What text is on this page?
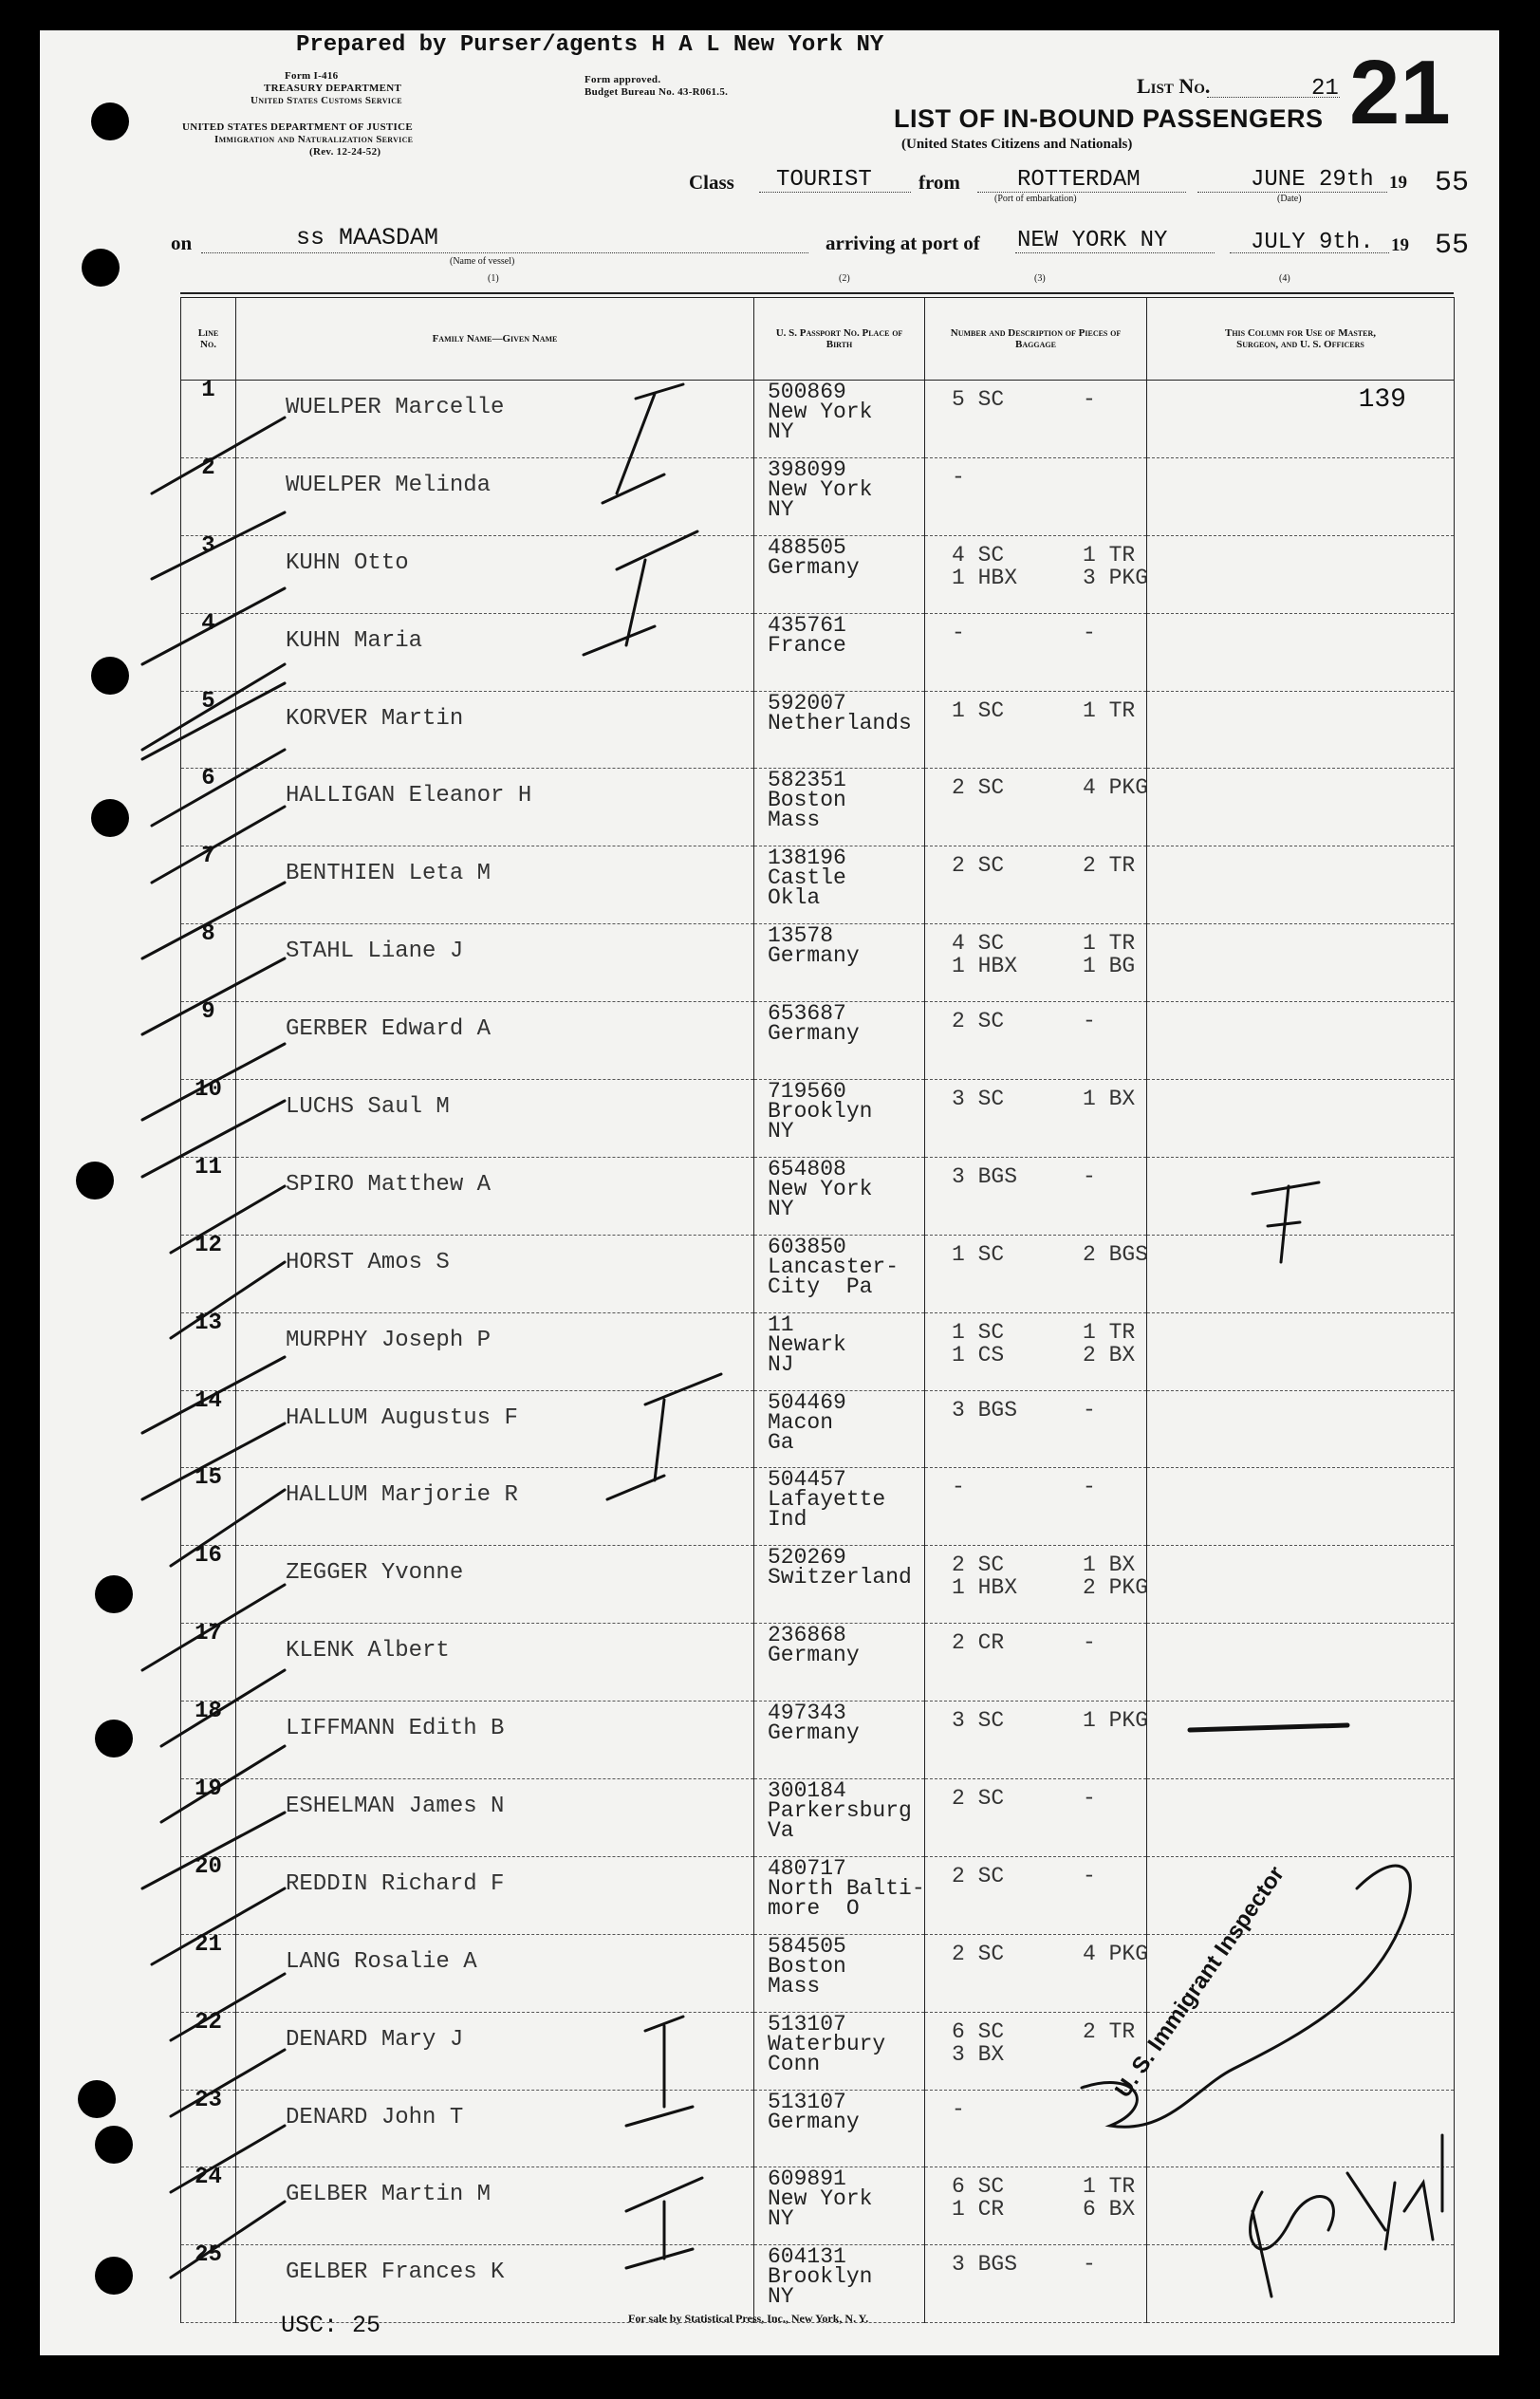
Prepared by Purser/agents H A L New York NY
Form I-416
TREASURY DEPARTMENT
United States Customs Service
UNITED STATES DEPARTMENT OF JUSTICE
Immigration and Naturalization Service
(Rev. 12-24-52)
Form approved.
Budget Bureau No. 43-R061.5.	List No.	21 21
LIST OF IN-BOUND PASSENGERS
(United States Citizens and Nationals)
Class TOURIST from	ROTTERDAM
(Port of embarkation)
JUNE 29th 19 55
(Date)
on	ss MAASDAM
(Name of vessel)
(1)
arriving at port of NEW YORK NY
(2)	(3)
JULY 9th. 19 55
(4)
Line No.	Family Name—Given Name	U. S. Passport No. Place of Birth	Number and Description of Pieces of Baggage	This Column for Use of Master, Surgeon, and U. S. Officers

1	WUELPER Marcelle	500869
New York
NY	5 SC      -	139

2	WUELPER Melinda	398099
New York
NY	-	

3	KUHN Otto	488505
Germany	4 SC      1 TR
1 HBX     3 PKG	

4	KUHN Maria	435761
France	-         -	

5	KORVER Martin	592007
Netherlands	1 SC      1 TR	

6	HALLIGAN Eleanor H	582351
Boston
Mass	2 SC      4 PKG	

7	BENTHIEN Leta M	138196
Castle
Okla	2 SC      2 TR	

8	STAHL Liane J	13578
Germany	4 SC      1 TR
1 HBX     1 BG	

9	GERBER Edward A	653687
Germany	2 SC      -	

10	LUCHS Saul M	719560
Brooklyn
NY	3 SC      1 BX	

11	SPIRO Matthew A	654808
New York
NY	3 BGS     -	

12	HORST Amos S	603850
Lancaster-
City  Pa	1 SC      2 BGS	

13	MURPHY Joseph P	11
Newark
NJ	1 SC      1 TR
1 CS      2 BX	

14	HALLUM Augustus F	504469
Macon
Ga	3 BGS     -	

15	HALLUM Marjorie R	504457
Lafayette
Ind	-         -	

16	ZEGGER Yvonne	520269
Switzerland	2 SC      1 BX
1 HBX     2 PKG	

17	KLENK Albert	236868
Germany	2 CR      -	

18	LIFFMANN Edith B	497343
Germany	3 SC      1 PKG	

19	ESHELMAN James N	300184
Parkersburg
Va	2 SC      -	

20	REDDIN Richard F	480717
North Balti-
more  O	2 SC      -	

21	LANG Rosalie A	584505
Boston
Mass	2 SC      4 PKG	

22	DENARD Mary J	513107
Waterbury
Conn	6 SC      2 TR
3 BX	

23	DENARD John T	513107
Germany	-	

24	GELBER Martin M	609891
New York
NY	6 SC      1 TR
1 CR      6 BX	

25	GELBER Frances K	604131
Brooklyn
NY	3 BGS     -	

USC: 25	For sale by Statistical Press, Inc., New York, N. Y.
U. S. Immigrant Inspector
